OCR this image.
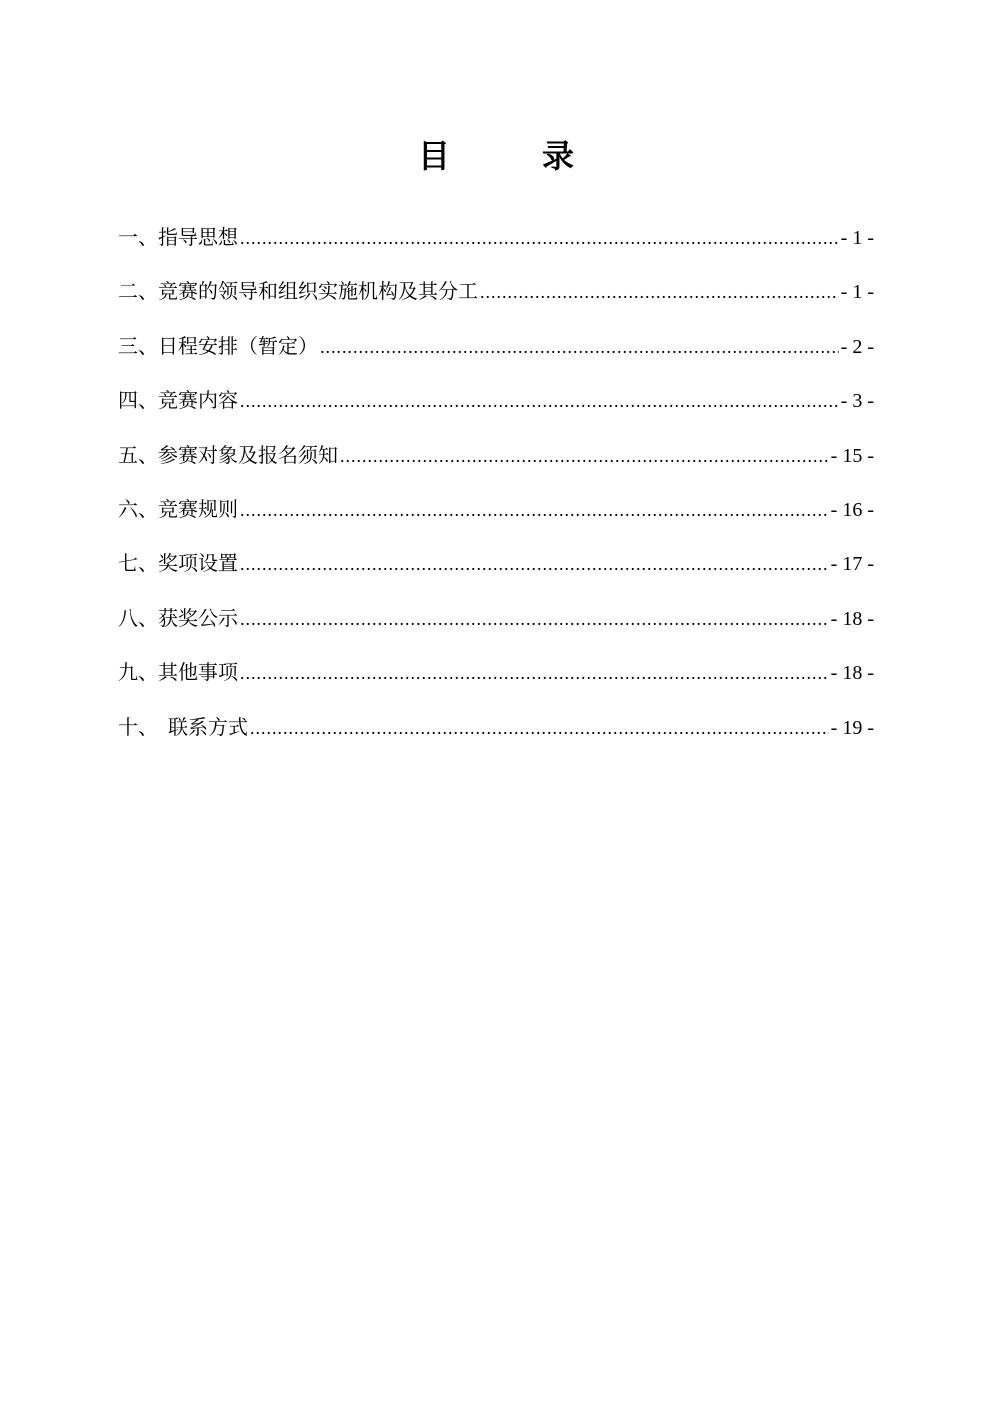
目　录
一、指导思想 .....	- 1 -
二、竞赛的领导和组织实施机构及其分工 .....	- 1 -
三、日程安排（暂定） .....	- 2 -
四、竞赛内容 .....	- 3 -
五、参赛对象及报名须知 .....	- 15 -
六、竞赛规则 .....	- 16 -
七、奖项设置 .....	- 17 -
八、获奖公示 .....	- 18 -
九、其他事项 .....	- 18 -
十、　联系方式 .....	- 19 -
